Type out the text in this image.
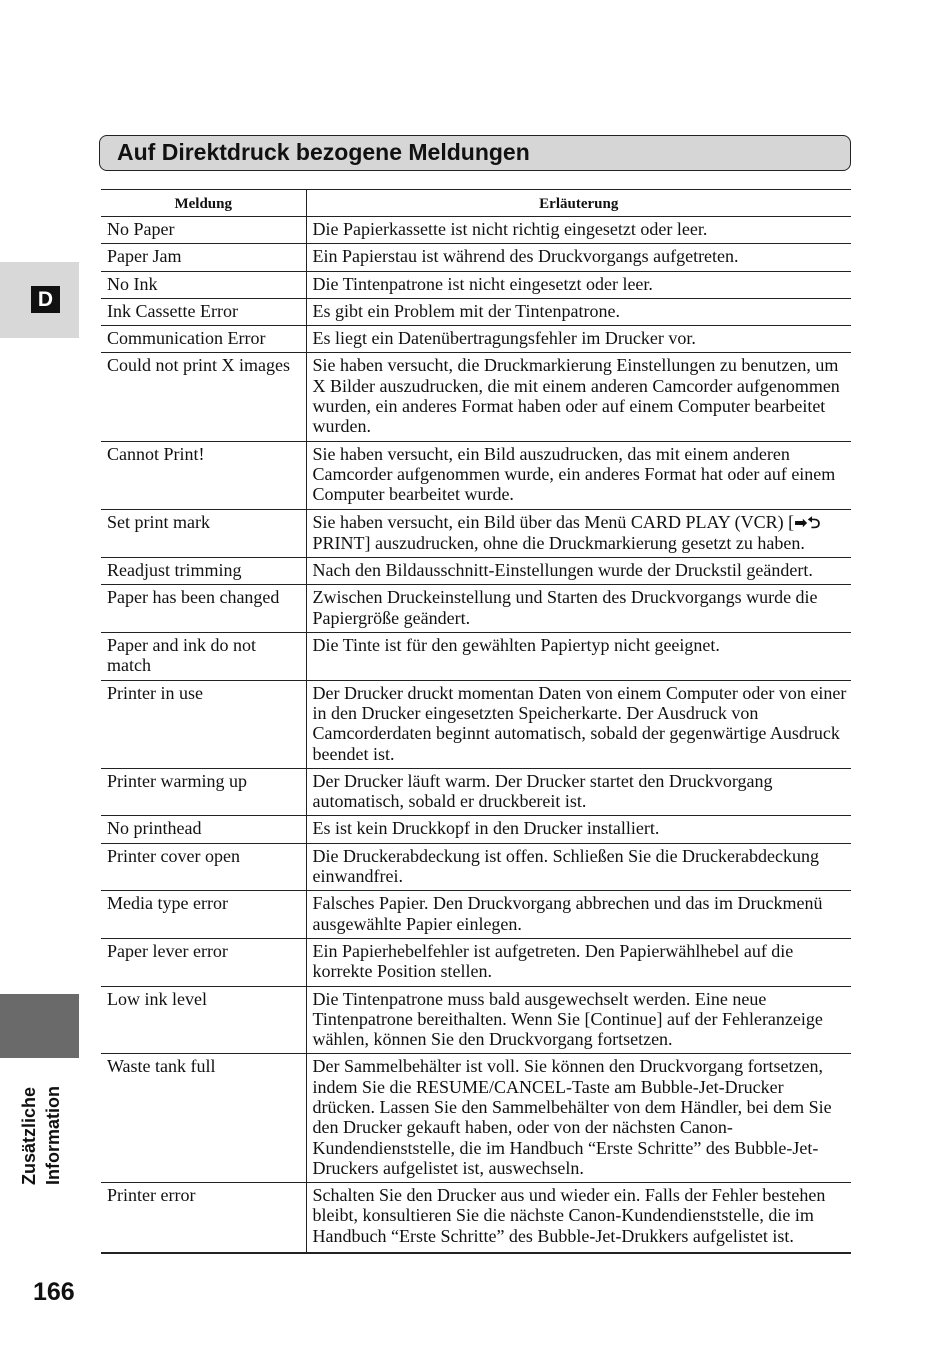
Auf Direktdruck bezogene Meldungen
D
Zusätzliche Information
166
Meldung	Erläuterung
No Paper	Die Papierkassette ist nicht richtig eingesetzt oder leer.
Paper Jam	Ein Papierstau ist während des Druckvorgangs aufgetreten.
No Ink	Die Tintenpatrone ist nicht eingesetzt oder leer.
Ink Cassette Error	Es gibt ein Problem mit der Tintenpatrone.
Communication Error	Es liegt ein Datenübertragungsfehler im Drucker vor.
Could not print X images	Sie haben versucht, die Druckmarkierung Einstellungen zu benutzen, um X Bilder auszudrucken, die mit einem anderen Camcorder aufgenommen wurden, ein anderes Format haben oder auf einem Computer bearbeitet wurden.
Cannot Print!	Sie haben versucht, ein Bild auszudrucken, das mit einem anderen Camcorder aufgenommen wurde, ein anderes Format hat oder auf einem Computer bearbeitet wurde.
Set print mark	Sie haben versucht, ein Bild über das Menü CARD PLAY (VCR) [➡⮌ PRINT] auszudrucken, ohne die Druckmarkierung gesetzt zu haben.
Readjust trimming	Nach den Bildausschnitt-Einstellungen wurde der Druckstil geändert.
Paper has been changed	Zwischen Druckeinstellung und Starten des Druckvorgangs wurde die Papiergröße geändert.
Paper and ink do not match	Die Tinte ist für den gewählten Papiertyp nicht geeignet.
Printer in use	Der Drucker druckt momentan Daten von einem Computer oder von einer in den Drucker eingesetzten Speicherkarte. Der Ausdruck von Camcorderdaten beginnt automatisch, sobald der gegenwärtige Ausdruck beendet ist.
Printer warming up	Der Drucker läuft warm. Der Drucker startet den Druckvorgang automatisch, sobald er druckbereit ist.
No printhead	Es ist kein Druckkopf in den Drucker installiert.
Printer cover open	Die Druckerabdeckung ist offen. Schließen Sie die Druckerabdeckung einwandfrei.
Media type error	Falsches Papier. Den Druckvorgang abbrechen und das im Druckmenü ausgewählte Papier einlegen.
Paper lever error	Ein Papierhebelfehler ist aufgetreten. Den Papierwählhebel auf die korrekte Position stellen.
Low ink level	Die Tintenpatrone muss bald ausgewechselt werden. Eine neue Tintenpatrone bereithalten. Wenn Sie [Continue] auf der Fehleranzeige wählen, können Sie den Druckvorgang fortsetzen.
Waste tank full	Der Sammelbehälter ist voll. Sie können den Druckvorgang fortsetzen, indem Sie die RESUME/CANCEL-Taste am Bubble-Jet-Drucker drücken. Lassen Sie den Sammelbehälter von dem Händler, bei dem Sie den Drucker gekauft haben, oder von der nächsten Canon-Kundendienststelle, die im Handbuch “Erste Schritte” des Bubble-Jet-Druckers aufgelistet ist, auswechseln.
Printer error	Schalten Sie den Drucker aus und wieder ein. Falls der Fehler bestehen bleibt, konsultieren Sie die nächste Canon-Kundendienststelle, die im Handbuch “Erste Schritte” des Bubble-Jet-Drukkers aufgelistet ist.
